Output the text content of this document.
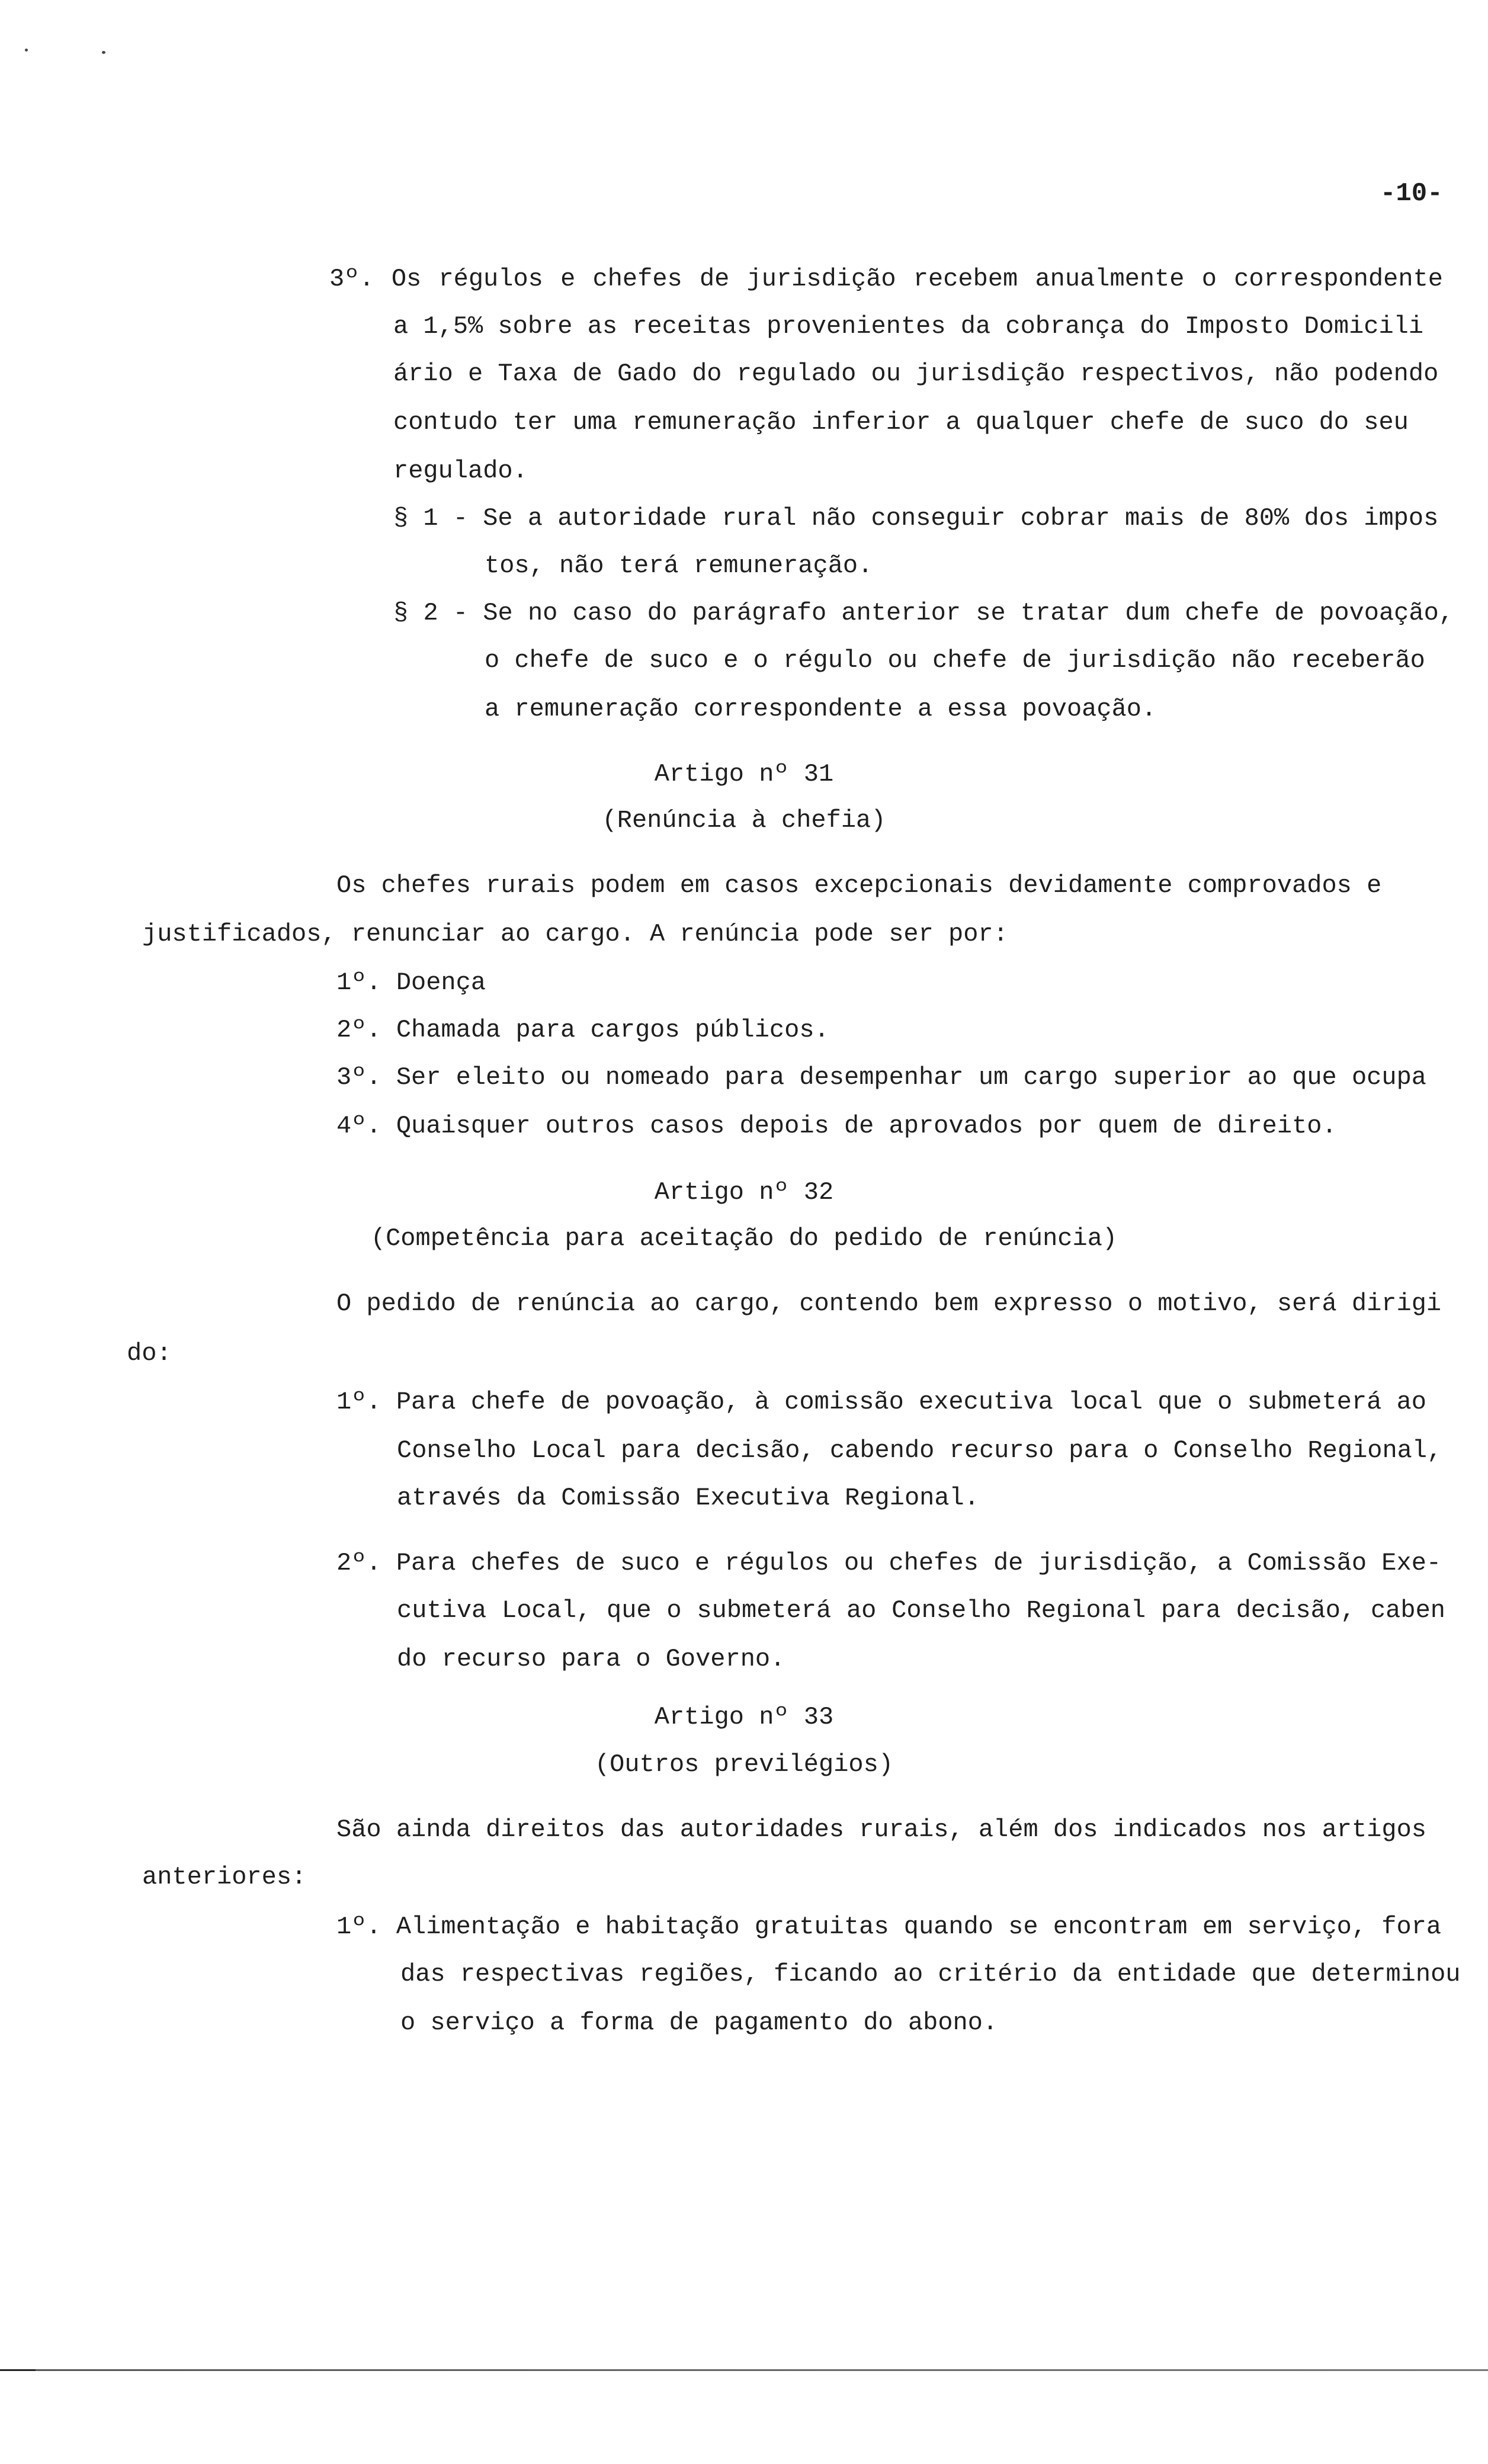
-10-
3º. Os régulos e chefes de jurisdição recebem anualmente o correspondente
a 1,5% sobre as receitas provenientes da cobrança do Imposto Domicili
ário e Taxa de Gado do regulado ou jurisdição respectivos, não podendo
contudo ter uma remuneração inferior a qualquer chefe de suco do seu
regulado.
§ 1 - Se a autoridade rural não conseguir cobrar mais de 80% dos impos
tos, não terá remuneração.
§ 2 - Se no caso do parágrafo anterior se tratar dum chefe de povoação,
o chefe de suco e o régulo ou chefe de jurisdição não receberão
a remuneração correspondente a essa povoação.
Artigo nº 31
(Renúncia à chefia)
Os chefes rurais podem em casos excepcionais devidamente comprovados e
justificados, renunciar ao cargo. A renúncia pode ser por:
1º. Doença
2º. Chamada para cargos públicos.
3º. Ser eleito ou nomeado para desempenhar um cargo superior ao que ocupa
4º. Quaisquer outros casos depois de aprovados por quem de direito.
Artigo nº 32
(Competência para aceitação do pedido de renúncia)
O pedido de renúncia ao cargo, contendo bem expresso o motivo, será dirigi
do:
1º. Para chefe de povoação, à comissão executiva local que o submeterá ao
Conselho Local para decisão, cabendo recurso para o Conselho Regional,
através da Comissão Executiva Regional.
2º. Para chefes de suco e régulos ou chefes de jurisdição, a Comissão Exe-
cutiva Local, que o submeterá ao Conselho Regional para decisão, caben
do recurso para o Governo.
Artigo nº 33
(Outros previlégios)
São ainda direitos das autoridades rurais, além dos indicados nos artigos
anteriores:
1º. Alimentação e habitação gratuitas quando se encontram em serviço, fora
das respectivas regiões, ficando ao critério da entidade que determinou
o serviço a forma de pagamento do abono.
